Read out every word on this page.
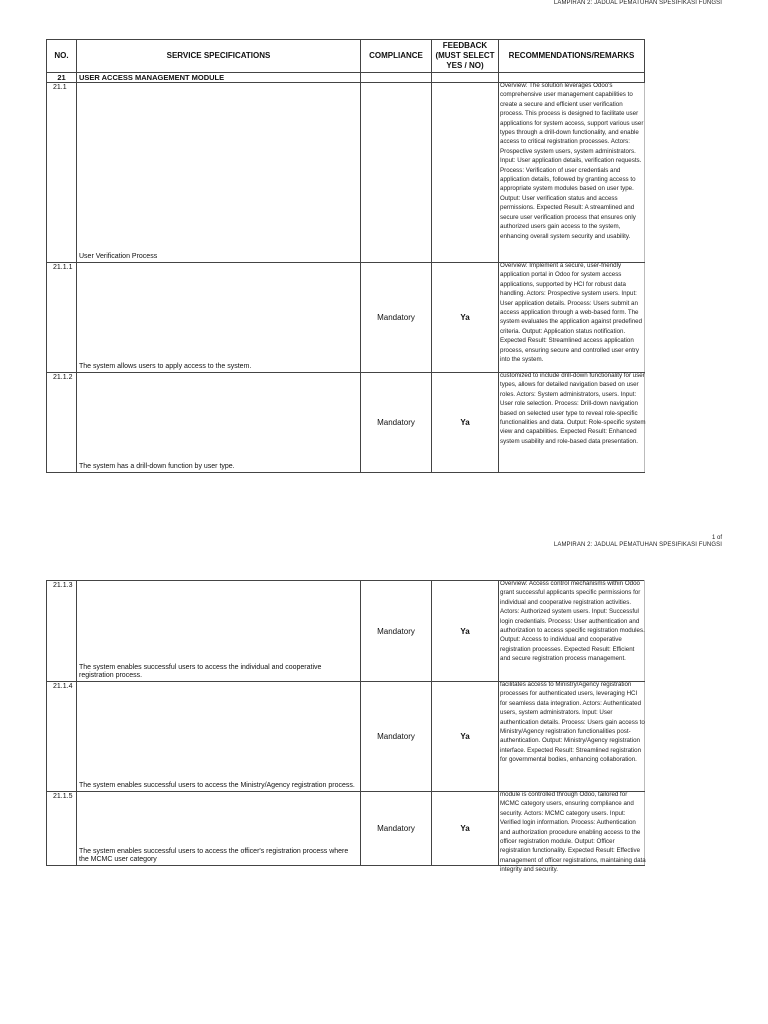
LAMPIRAN 2: JADUAL PEMATUHAN SPESIFIKASI FUNGSI
NO.	SERVICE SPECIFICATIONS	COMPLIANCE	FEEDBACK (MUST SELECT YES / NO)	RECOMMENDATIONS/REMARKS
21	USER ACCESS MANAGEMENT MODULE			
21.1	User Verification Process			Overview: The solution leverages Odoo's comprehensive user management capabilities to create a secure and efficient user verification process. This process is designed to facilitate user applications for system access, support various user types through a drill-down functionality, and enable access to critical registration processes. Actors: Prospective system users, system administrators. Input: User application details, verification requests. Process: Verification of user credentials and application details, followed by granting access to appropriate system modules based on user type. Output: User verification status and access permissions. Expected Result: A streamlined and secure user verification process that ensures only authorized users gain access to the system, enhancing overall system security and usability.

21.1.1	The system allows users to apply access to the system.	Mandatory	Ya	Overview: Implement a secure, user-friendly application portal in Odoo for system access applications, supported by HCI for robust data handling. Actors: Prospective system users. Input: User application details. Process: Users submit an access application through a web-based form. The system evaluates the application against predefined criteria. Output: Application status notification. Expected Result: Streamlined access application process, ensuring secure and controlled user entry into the system.

21.1.2	The system has a drill-down function by user type.	Mandatory	Ya	customized to include drill-down functionality for user types, allows for detailed navigation based on user roles. Actors: System administrators, users. Input: User role selection. Process: Drill-down navigation based on selected user type to reveal role-specific functionalities and data. Output: Role-specific system view and capabilities. Expected Result: Enhanced system usability and role-based data presentation.
1 of
LAMPIRAN 2: JADUAL PEMATUHAN SPESIFIKASI FUNGSI
21.1.3	The system enables successful users to access the individual and cooperative registration process.	Mandatory	Ya	Overview: Access control mechanisms within Odoo grant successful applicants specific permissions for individual and cooperative registration activities. Actors: Authorized system users. Input: Successful login credentials. Process: User authentication and authorization to access specific registration modules. Output: Access to individual and cooperative registration processes. Expected Result: Efficient and secure registration process management.

21.1.4	The system enables successful users to access the Ministry/Agency registration process.	Mandatory	Ya	facilitates access to Ministry/Agency registration processes for authenticated users, leveraging HCI for seamless data integration. Actors: Authenticated users, system administrators. Input: User authentication details. Process: Users gain access to Ministry/Agency registration functionalities post-authentication. Output: Ministry/Agency registration interface. Expected Result: Streamlined registration for governmental bodies, enhancing collaboration.

21.1.5	The system enables successful users to access the officer's registration process where the MCMC user category	Mandatory	Ya	module is controlled through Odoo, tailored for MCMC category users, ensuring compliance and security. Actors: MCMC category users. Input: Verified login information. Process: Authentication and authorization procedure enabling access to the officer registration module. Output: Officer registration functionality. Expected Result: Effective management of officer registrations, maintaining data integrity and security.
